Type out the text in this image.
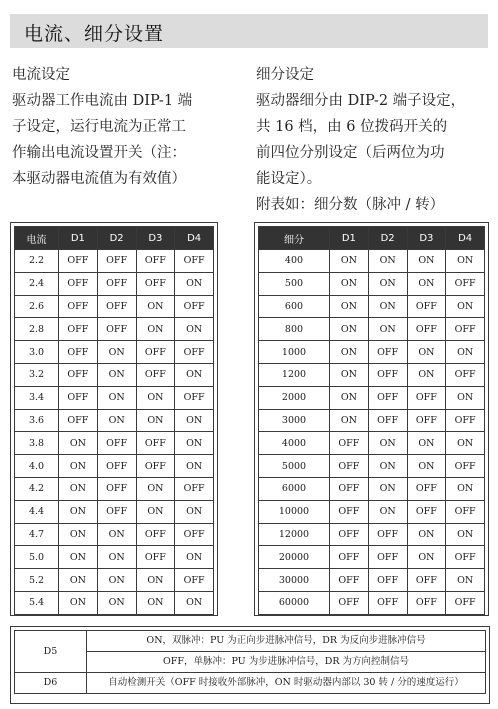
电流、细分设置
电流设定
驱动器工作电流由 DIP-1 端
子设定，运行电流为正常工
作输出电流设置开关（注：
本驱动器电流值为有效值）
细分设定
驱动器细分由 DIP-2 端子设定，
共 16 档，由 6 位拨码开关的
前四位分别设定（后两位为功
能设定）。
附表如：细分数（脉冲 / 转）
电流	D1	D2	D3	D4
2.2	OFF	OFF	OFF	OFF
2.4	OFF	OFF	OFF	ON
2.6	OFF	OFF	ON	OFF
2.8	OFF	OFF	ON	ON
3.0	OFF	ON	OFF	OFF
3.2	OFF	ON	OFF	ON
3.4	OFF	ON	ON	OFF
3.6	OFF	ON	ON	ON
3.8	ON	OFF	OFF	ON
4.0	ON	OFF	OFF	ON
4.2	ON	OFF	ON	OFF
4.4	ON	OFF	ON	ON
4.7	ON	ON	OFF	OFF
5.0	ON	ON	OFF	ON
5.2	ON	ON	ON	OFF
5.4	ON	ON	ON	ON
细分	D1	D2	D3	D4
400	ON	ON	ON	ON
500	ON	ON	ON	OFF
600	ON	ON	OFF	ON
800	ON	ON	OFF	OFF
1000	ON	OFF	ON	ON
1200	ON	OFF	ON	OFF
2000	ON	OFF	OFF	ON
3000	ON	OFF	OFF	OFF
4000	OFF	ON	ON	ON
5000	OFF	ON	ON	OFF
6000	OFF	ON	OFF	ON
10000	OFF	ON	OFF	OFF
12000	OFF	OFF	ON	ON
20000	OFF	OFF	ON	OFF
30000	OFF	OFF	OFF	ON
60000	OFF	OFF	OFF	OFF
D5	ON，双脉冲：PU 为正向步进脉冲信号，DR 为反向步进脉冲信号
	OFF，单脉冲：PU 为步进脉冲信号，DR 为方向控制信号
D6	自动检测开关（OFF 时接收外部脉冲，ON 时驱动器内部以 30 转 / 分的速度运行）
